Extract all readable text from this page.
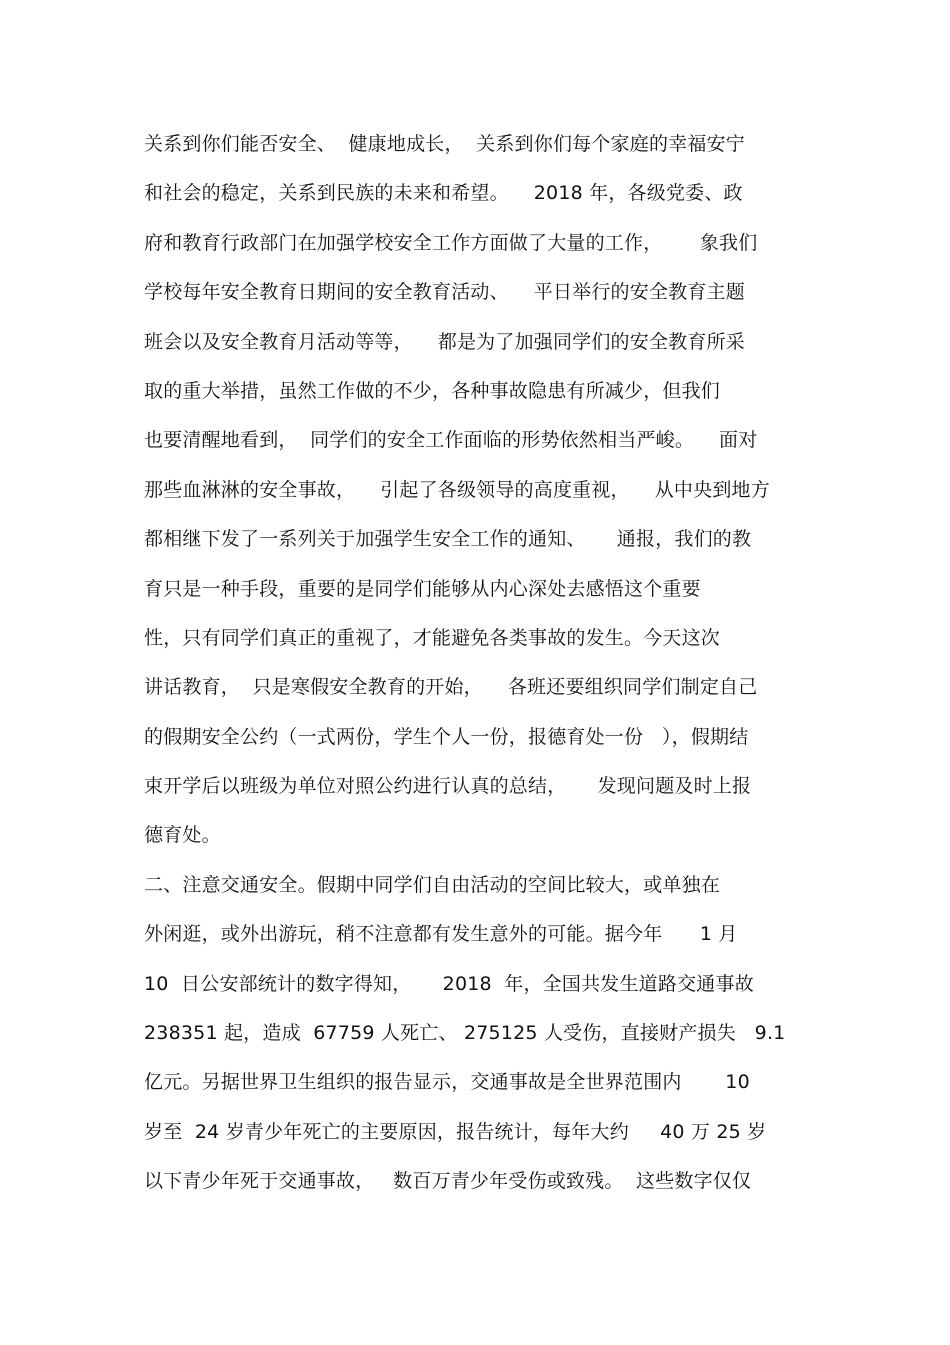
关系到你们能否安全、  健康地成长，  关系到你们每个家庭的幸福安宁
和社会的稳定，关系到民族的未来和希望。    2018 年，各级党委、政
府和教育行政部门在加强学校安全工作方面做了大量的工作，      象我们
学校每年安全教育日期间的安全教育活动、    平日举行的安全教育主题
班会以及安全教育月活动等等，    都是为了加强同学们的安全教育所采
取的重大举措，虽然工作做的不少，各种事故隐患有所减少，但我们
也要清醒地看到，  同学们的安全工作面临的形势依然相当严峻。    面对
那些血淋淋的安全事故，    引起了各级领导的高度重视，    从中央到地方
都相继下发了一系列关于加强学生安全工作的通知、     通报，我们的教
育只是一种手段，重要的是同学们能够从内心深处去感悟这个重要
性，只有同学们真正的重视了，才能避免各类事故的发生。今天这次
讲话教育，  只是寒假安全教育的开始，    各班还要组织同学们制定自己
的假期安全公约（一式两份，学生个人一份，报德育处一份   ），假期结
束开学后以班级为单位对照公约进行认真的总结，     发现问题及时上报
德育处。
二、注意交通安全。假期中同学们自由活动的空间比较大，或单独在
外闲逛，或外出游玩，稍不注意都有发生意外的可能。据今年      1 月
10  日公安部统计的数字得知，     2018  年，全国共发生道路交通事故
238351 起，造成  67759 人死亡、 275125 人受伤，直接财产损失   9.1
亿元。另据世界卫生组织的报告显示，交通事故是全世界范围内       10
岁至  24 岁青少年死亡的主要原因，报告统计，每年大约     40 万 25 岁
以下青少年死于交通事故，   数百万青少年受伤或致残。  这些数字仅仅
